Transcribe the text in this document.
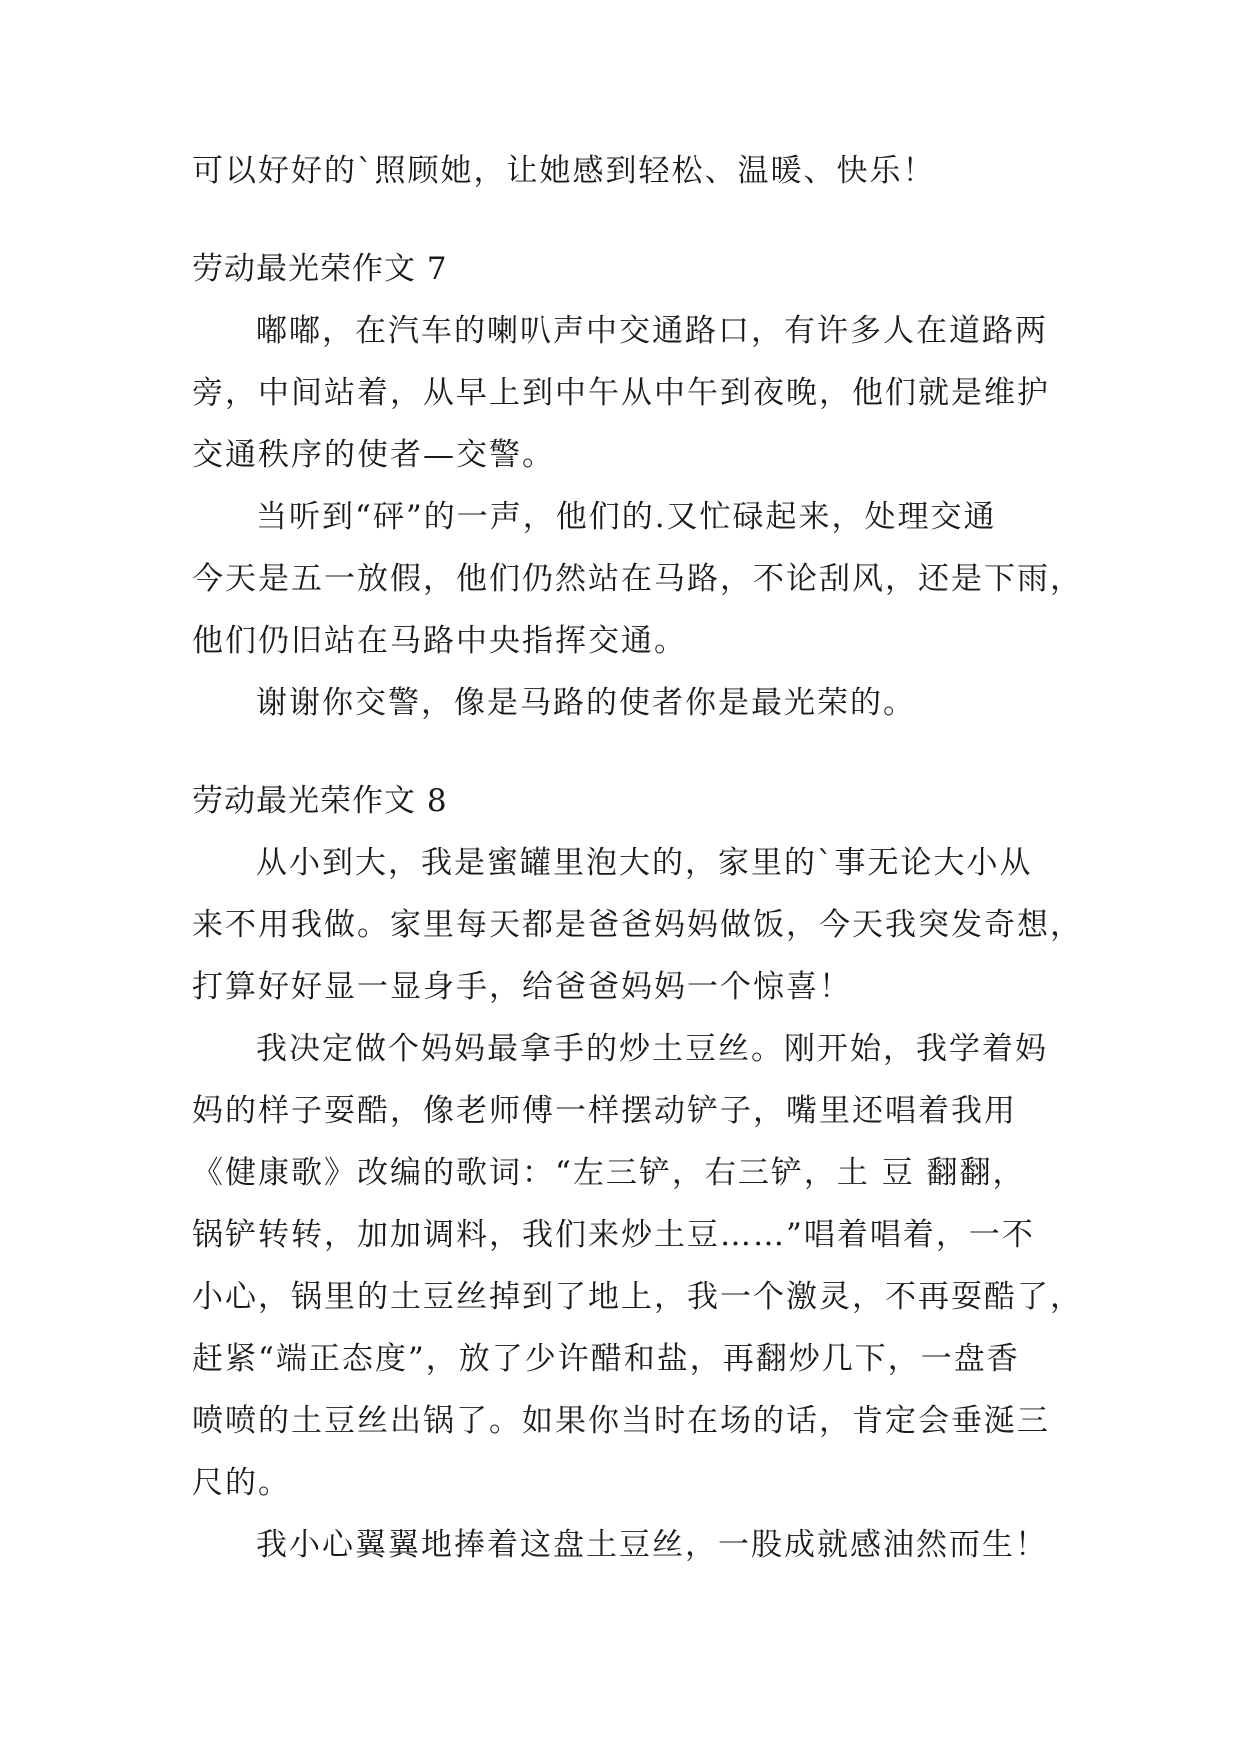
可以好好的`照顾她，让她感到轻松、温暖、快乐！
劳动最光荣作文 7
嘟嘟，在汽车的喇叭声中交通路口，有许多人在道路两
旁，中间站着，从早上到中午从中午到夜晚，他们就是维护
交通秩序的使者—交警。
当听到“砰”的一声，他们的.又忙碌起来，处理交通
今天是五一放假，他们仍然站在马路，不论刮风，还是下雨，
他们仍旧站在马路中央指挥交通。
谢谢你交警，像是马路的使者你是最光荣的。
劳动最光荣作文 8
从小到大，我是蜜罐里泡大的，家里的`事无论大小从
来不用我做。家里每天都是爸爸妈妈做饭，今天我突发奇想，
打算好好显一显身手，给爸爸妈妈一个惊喜！
我决定做个妈妈最拿手的炒土豆丝。刚开始，我学着妈
妈的样子耍酷，像老师傅一样摆动铲子，嘴里还唱着我用
《健康歌》改编的歌词：“左三铲，右三铲，土 豆 翻翻，
锅铲转转，加加调料，我们来炒土豆……”唱着唱着，一不
小心，锅里的土豆丝掉到了地上，我一个激灵，不再耍酷了，
赶紧“端正态度”，放了少许醋和盐，再翻炒几下，一盘香
喷喷的土豆丝出锅了。如果你当时在场的话，肯定会垂涎三
尺的。
我小心翼翼地捧着这盘土豆丝，一股成就感油然而生！
